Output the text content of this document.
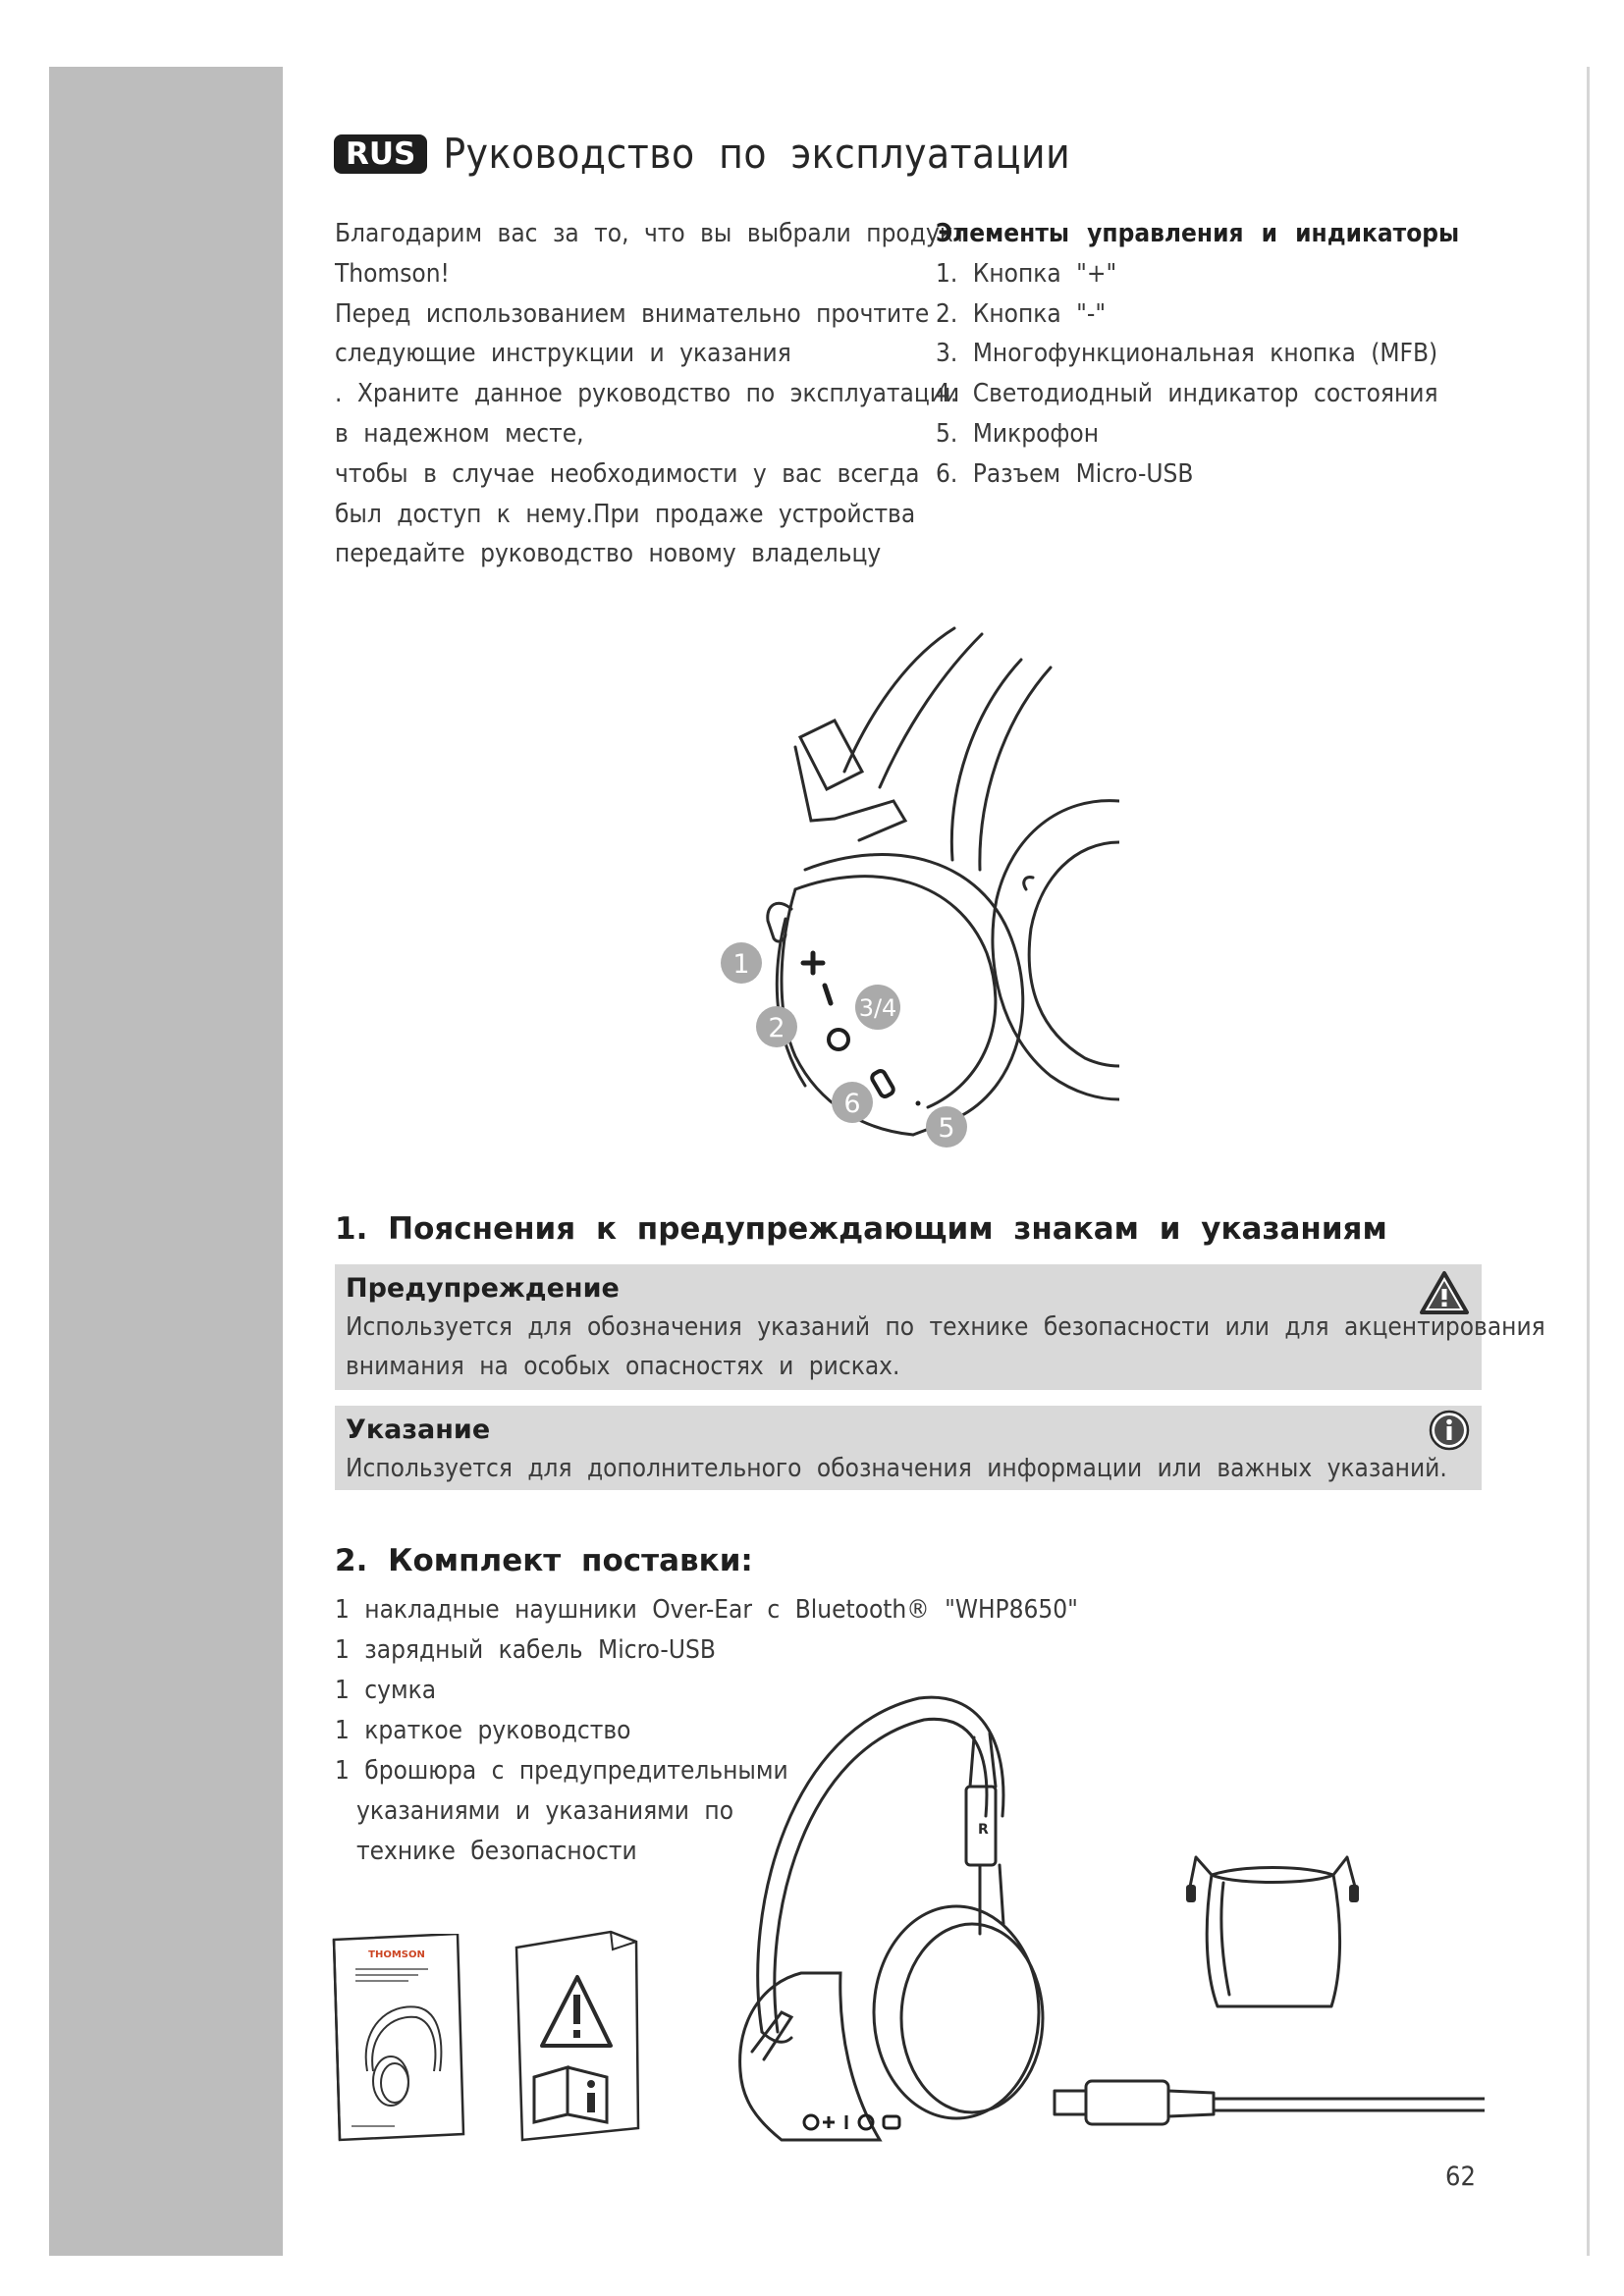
RUS Руководство по эксплуатации

Благодарим вас за то, что вы выбрали продукт

Thomson!

Перед использованием внимательно прочтите

следующие инструкции и указания

. Храните данное руководство по эксплуатации

в надежном месте,

чтобы в случае необходимости у вас всегда

был доступ к нему.При продаже устройства

передайте руководство новому владельцу

Элементы управления и индикаторы

1. Кнопка "+"

2. Кнопка "-"

3. Многофункциональная кнопка (MFB)

4. Светодиодный индикатор состояния

5. Микрофон

6. Разъем Micro-USB

1
2
3/4
6
5
1. Пояснения к предупреждающим знакам и указаниям
Предупреждение
Используется для обозначения указаний по технике безопасности или для акцентирования
внимания на особых опасностях и рисках.
Указание
Используется для дополнительного обозначения информации или важных указаний.
2. Комплект поставки:

1 накладные наушники Over-Ear с Bluetooth® "WHP8650"

1 зарядный кабель Micro-USB

1 сумка

1 краткое руководство

1 брошюра с предупредительными

указаниями и указаниями по

технике безопасности

THOMSON
R
62
